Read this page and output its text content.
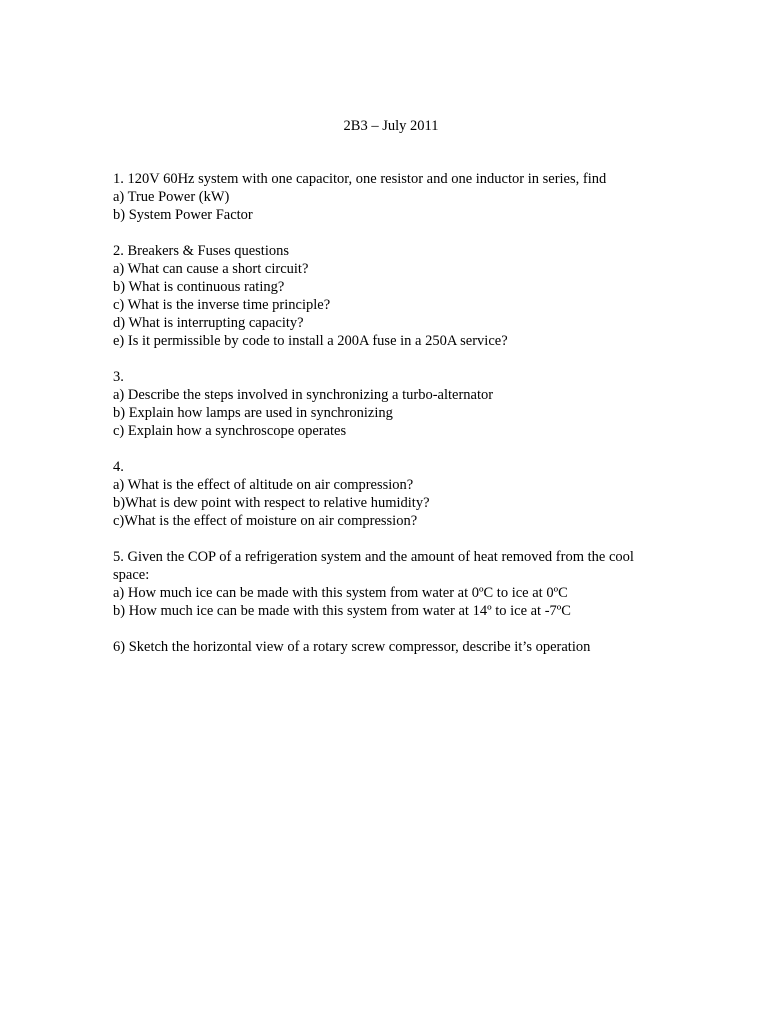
2B3 – July 2011
1. 120V 60Hz system with one capacitor, one resistor and one inductor in series, find
a) True Power (kW)
b) System Power Factor
2. Breakers & Fuses questions
a) What can cause a short circuit?
b) What is continuous rating?
c) What is the inverse time principle?
d) What is interrupting capacity?
e) Is it permissible by code to install a 200A fuse in a 250A service?
3.
a) Describe the steps involved in synchronizing a turbo-alternator
b) Explain how lamps are used in synchronizing
c) Explain how a synchroscope operates
4.
a) What is the effect of altitude on air compression?
b)What is dew point with respect to relative humidity?
c)What is the effect of moisture on air compression?
5. Given the COP of a refrigeration system and the amount of heat removed from the cool space:
a) How much ice can be made with this system from water at 0ºC to ice at 0ºC
b) How much ice can be made with this system from water at 14º to ice at -7ºC
6) Sketch the horizontal view of a rotary screw compressor, describe it’s operation
